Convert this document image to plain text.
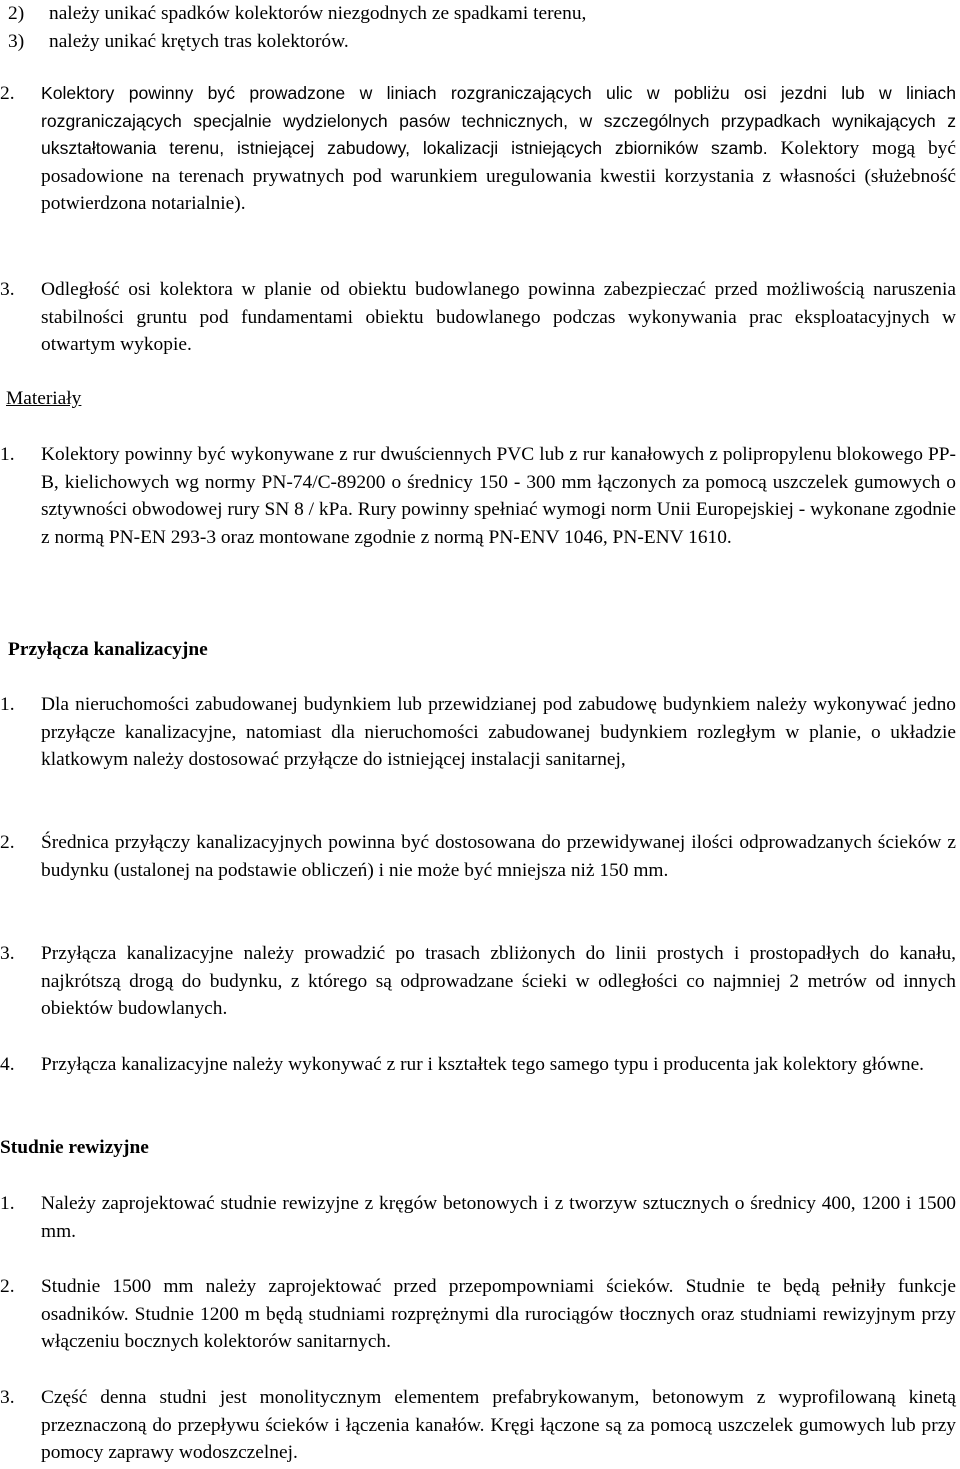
2)	należy unikać spadków kolektorów niezgodnych ze spadkami terenu,
3)	należy unikać krętych tras kolektorów.
2.	Kolektory powinny być prowadzone w liniach rozgraniczających ulic w pobliżu osi jezdni lub w liniach rozgraniczających specjalnie wydzielonych pasów technicznych, w szczególnych przypadkach wynikających z ukształtowania terenu, istniejącej zabudowy, lokalizacji istniejących zbiorników szamb. Kolektory mogą być posadowione na terenach prywatnych pod warunkiem uregulowania kwestii korzystania z własności (służebność potwierdzona notarialnie).
3.	Odległość osi kolektora w planie od obiektu budowlanego powinna zabezpieczać przed możliwością naruszenia stabilności gruntu pod fundamentami obiektu budowlanego podczas wykonywania prac eksploatacyjnych w otwartym wykopie.
Materiały
1.	Kolektory powinny być wykonywane z rur dwuściennych PVC lub z rur kanałowych z polipropylenu blokowego PP-B, kielichowych wg normy PN-74/C-89200 o średnicy 150 - 300 mm łączonych za pomocą uszczelek gumowych o sztywności obwodowej rury SN 8 / kPa. Rury powinny spełniać wymogi norm Unii Europejskiej - wykonane zgodnie z normą PN-EN 293-3 oraz montowane zgodnie z normą PN-ENV 1046, PN-ENV 1610.
Przyłącza kanalizacyjne
1.	Dla nieruchomości zabudowanej budynkiem lub przewidzianej pod zabudowę budynkiem należy wykonywać jedno przyłącze kanalizacyjne, natomiast dla nieruchomości zabudowanej budynkiem rozległym w planie, o układzie klatkowym należy dostosować przyłącze do istniejącej instalacji sanitarnej,
2.	Średnica przyłączy kanalizacyjnych powinna być dostosowana do przewidywanej ilości odprowadzanych ścieków z budynku (ustalonej na podstawie obliczeń) i nie może być mniejsza niż 150 mm.
3.	Przyłącza kanalizacyjne należy prowadzić po trasach zbliżonych do linii prostych i prostopadłych do kanału, najkrótszą drogą do budynku, z którego są odprowadzane ścieki w odległości co najmniej 2 metrów od innych obiektów budowlanych.
4.	Przyłącza kanalizacyjne należy wykonywać z rur i kształtek tego samego typu i producenta jak kolektory główne.
Studnie rewizyjne
1.	Należy zaprojektować studnie rewizyjne z kręgów betonowych i z tworzyw sztucznych o średnicy 400, 1200 i 1500 mm.
2.	Studnie 1500 mm należy zaprojektować przed przepompowniami ścieków. Studnie te będą pełniły funkcje osadników. Studnie 1200 m będą studniami rozprężnymi dla rurociągów tłocznych oraz studniami rewizyjnym przy włączeniu bocznych kolektorów sanitarnych.
3.	Część denna studni jest monolitycznym elementem prefabrykowanym, betonowym z wyprofilowaną kinetą przeznaczoną do przepływu ścieków i łączenia kanałów. Kręgi łączone są za pomocą uszczelek gumowych lub przy pomocy zaprawy wodoszczelnej.
